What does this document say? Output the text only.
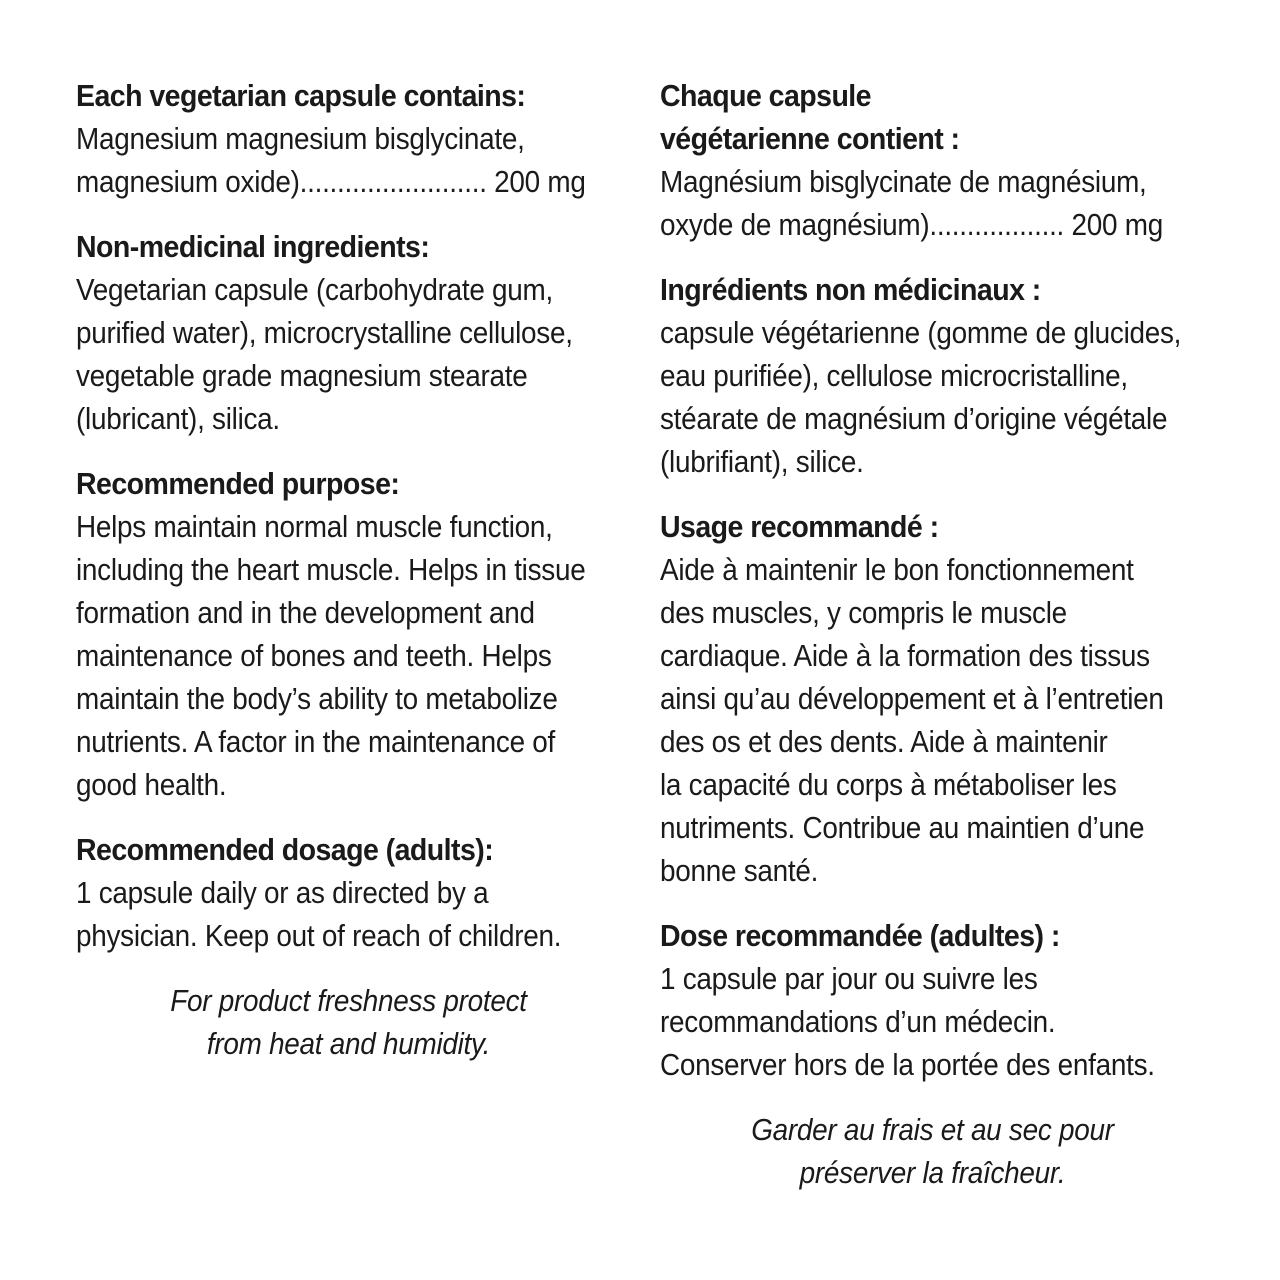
Each vegetarian capsule contains:
Magnesium magnesium bisglycinate,
magnesium oxide)......................... 200 mg
Non-medicinal ingredients:
Vegetarian capsule (carbohydrate gum,
purified water), microcrystalline cellulose,
vegetable grade magnesium stearate
(lubricant), silica.
Recommended purpose:
Helps maintain normal muscle function,
including the heart muscle. Helps in tissue
formation and in the development and
maintenance of bones and teeth. Helps
maintain the body’s ability to metabolize
nutrients. A factor in the maintenance of
good health.
Recommended dosage (adults):
1 capsule daily or as directed by a
physician. Keep out of reach of children.
For product freshness protect
from heat and humidity.
Chaque capsule
végétarienne contient :
Magnésium bisglycinate de magnésium,
oxyde de magnésium).................. 200 mg
Ingrédients non médicinaux :
capsule végétarienne (gomme de glucides,
eau purifiée), cellulose microcristalline,
stéarate de magnésium d’origine végétale
(lubrifiant), silice.
Usage recommandé :
Aide à maintenir le bon fonctionnement
des muscles, y compris le muscle
cardiaque. Aide à la formation des tissus
ainsi qu’au développement et à l’entretien
des os et des dents. Aide à maintenir
la capacité du corps à métaboliser les
nutriments. Contribue au maintien d’une
bonne santé.
Dose recommandée (adultes) :
1 capsule par jour ou suivre les
recommandations d’un médecin.
Conserver hors de la portée des enfants.
Garder au frais et au sec pour
préserver la fraîcheur.
